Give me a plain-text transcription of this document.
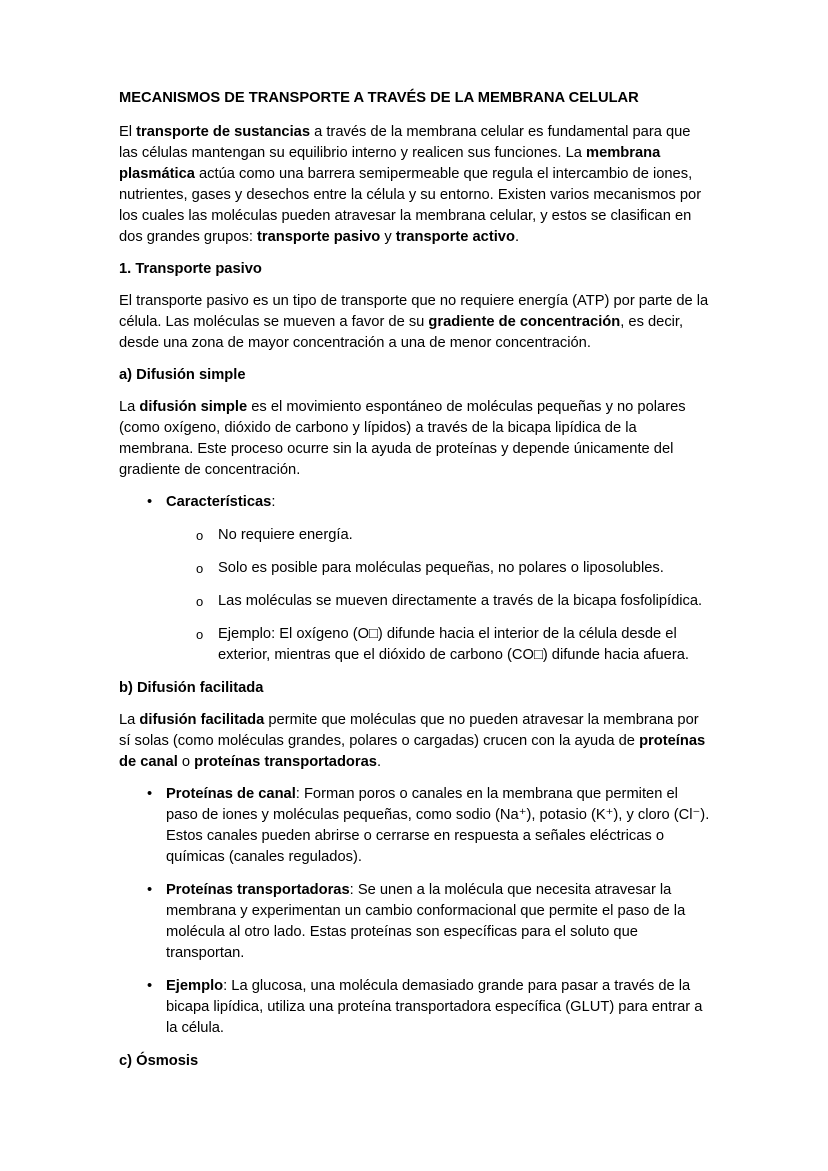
MECANISMOS DE TRANSPORTE A TRAVÉS DE LA MEMBRANA CELULAR
El transporte de sustancias a través de la membrana celular es fundamental para que las células mantengan su equilibrio interno y realicen sus funciones. La membrana plasmática actúa como una barrera semipermeable que regula el intercambio de iones, nutrientes, gases y desechos entre la célula y su entorno. Existen varios mecanismos por los cuales las moléculas pueden atravesar la membrana celular, y estos se clasifican en dos grandes grupos: transporte pasivo y transporte activo.
1. Transporte pasivo
El transporte pasivo es un tipo de transporte que no requiere energía (ATP) por parte de la célula. Las moléculas se mueven a favor de su gradiente de concentración, es decir, desde una zona de mayor concentración a una de menor concentración.
a) Difusión simple
La difusión simple es el movimiento espontáneo de moléculas pequeñas y no polares (como oxígeno, dióxido de carbono y lípidos) a través de la bicapa lipídica de la membrana. Este proceso ocurre sin la ayuda de proteínas y depende únicamente del gradiente de concentración.
• Características:
o	No requiere energía.
o	Solo es posible para moléculas pequeñas, no polares o liposolubles.
o	Las moléculas se mueven directamente a través de la bicapa fosfolipídica.
o	Ejemplo: El oxígeno (O□) difunde hacia el interior de la célula desde el exterior, mientras que el dióxido de carbono (CO□) difunde hacia afuera.
b) Difusión facilitada
La difusión facilitada permite que moléculas que no pueden atravesar la membrana por sí solas (como moléculas grandes, polares o cargadas) crucen con la ayuda de proteínas de canal o proteínas transportadoras.
• Proteínas de canal: Forman poros o canales en la membrana que permiten el paso de iones y moléculas pequeñas, como sodio (Na⁺), potasio (K⁺), y cloro (Cl⁻). Estos canales pueden abrirse o cerrarse en respuesta a señales eléctricas o químicas (canales regulados).
• Proteínas transportadoras: Se unen a la molécula que necesita atravesar la membrana y experimentan un cambio conformacional que permite el paso de la molécula al otro lado. Estas proteínas son específicas para el soluto que transportan.
• Ejemplo: La glucosa, una molécula demasiado grande para pasar a través de la bicapa lipídica, utiliza una proteína transportadora específica (GLUT) para entrar a la célula.
c) Ósmosis
